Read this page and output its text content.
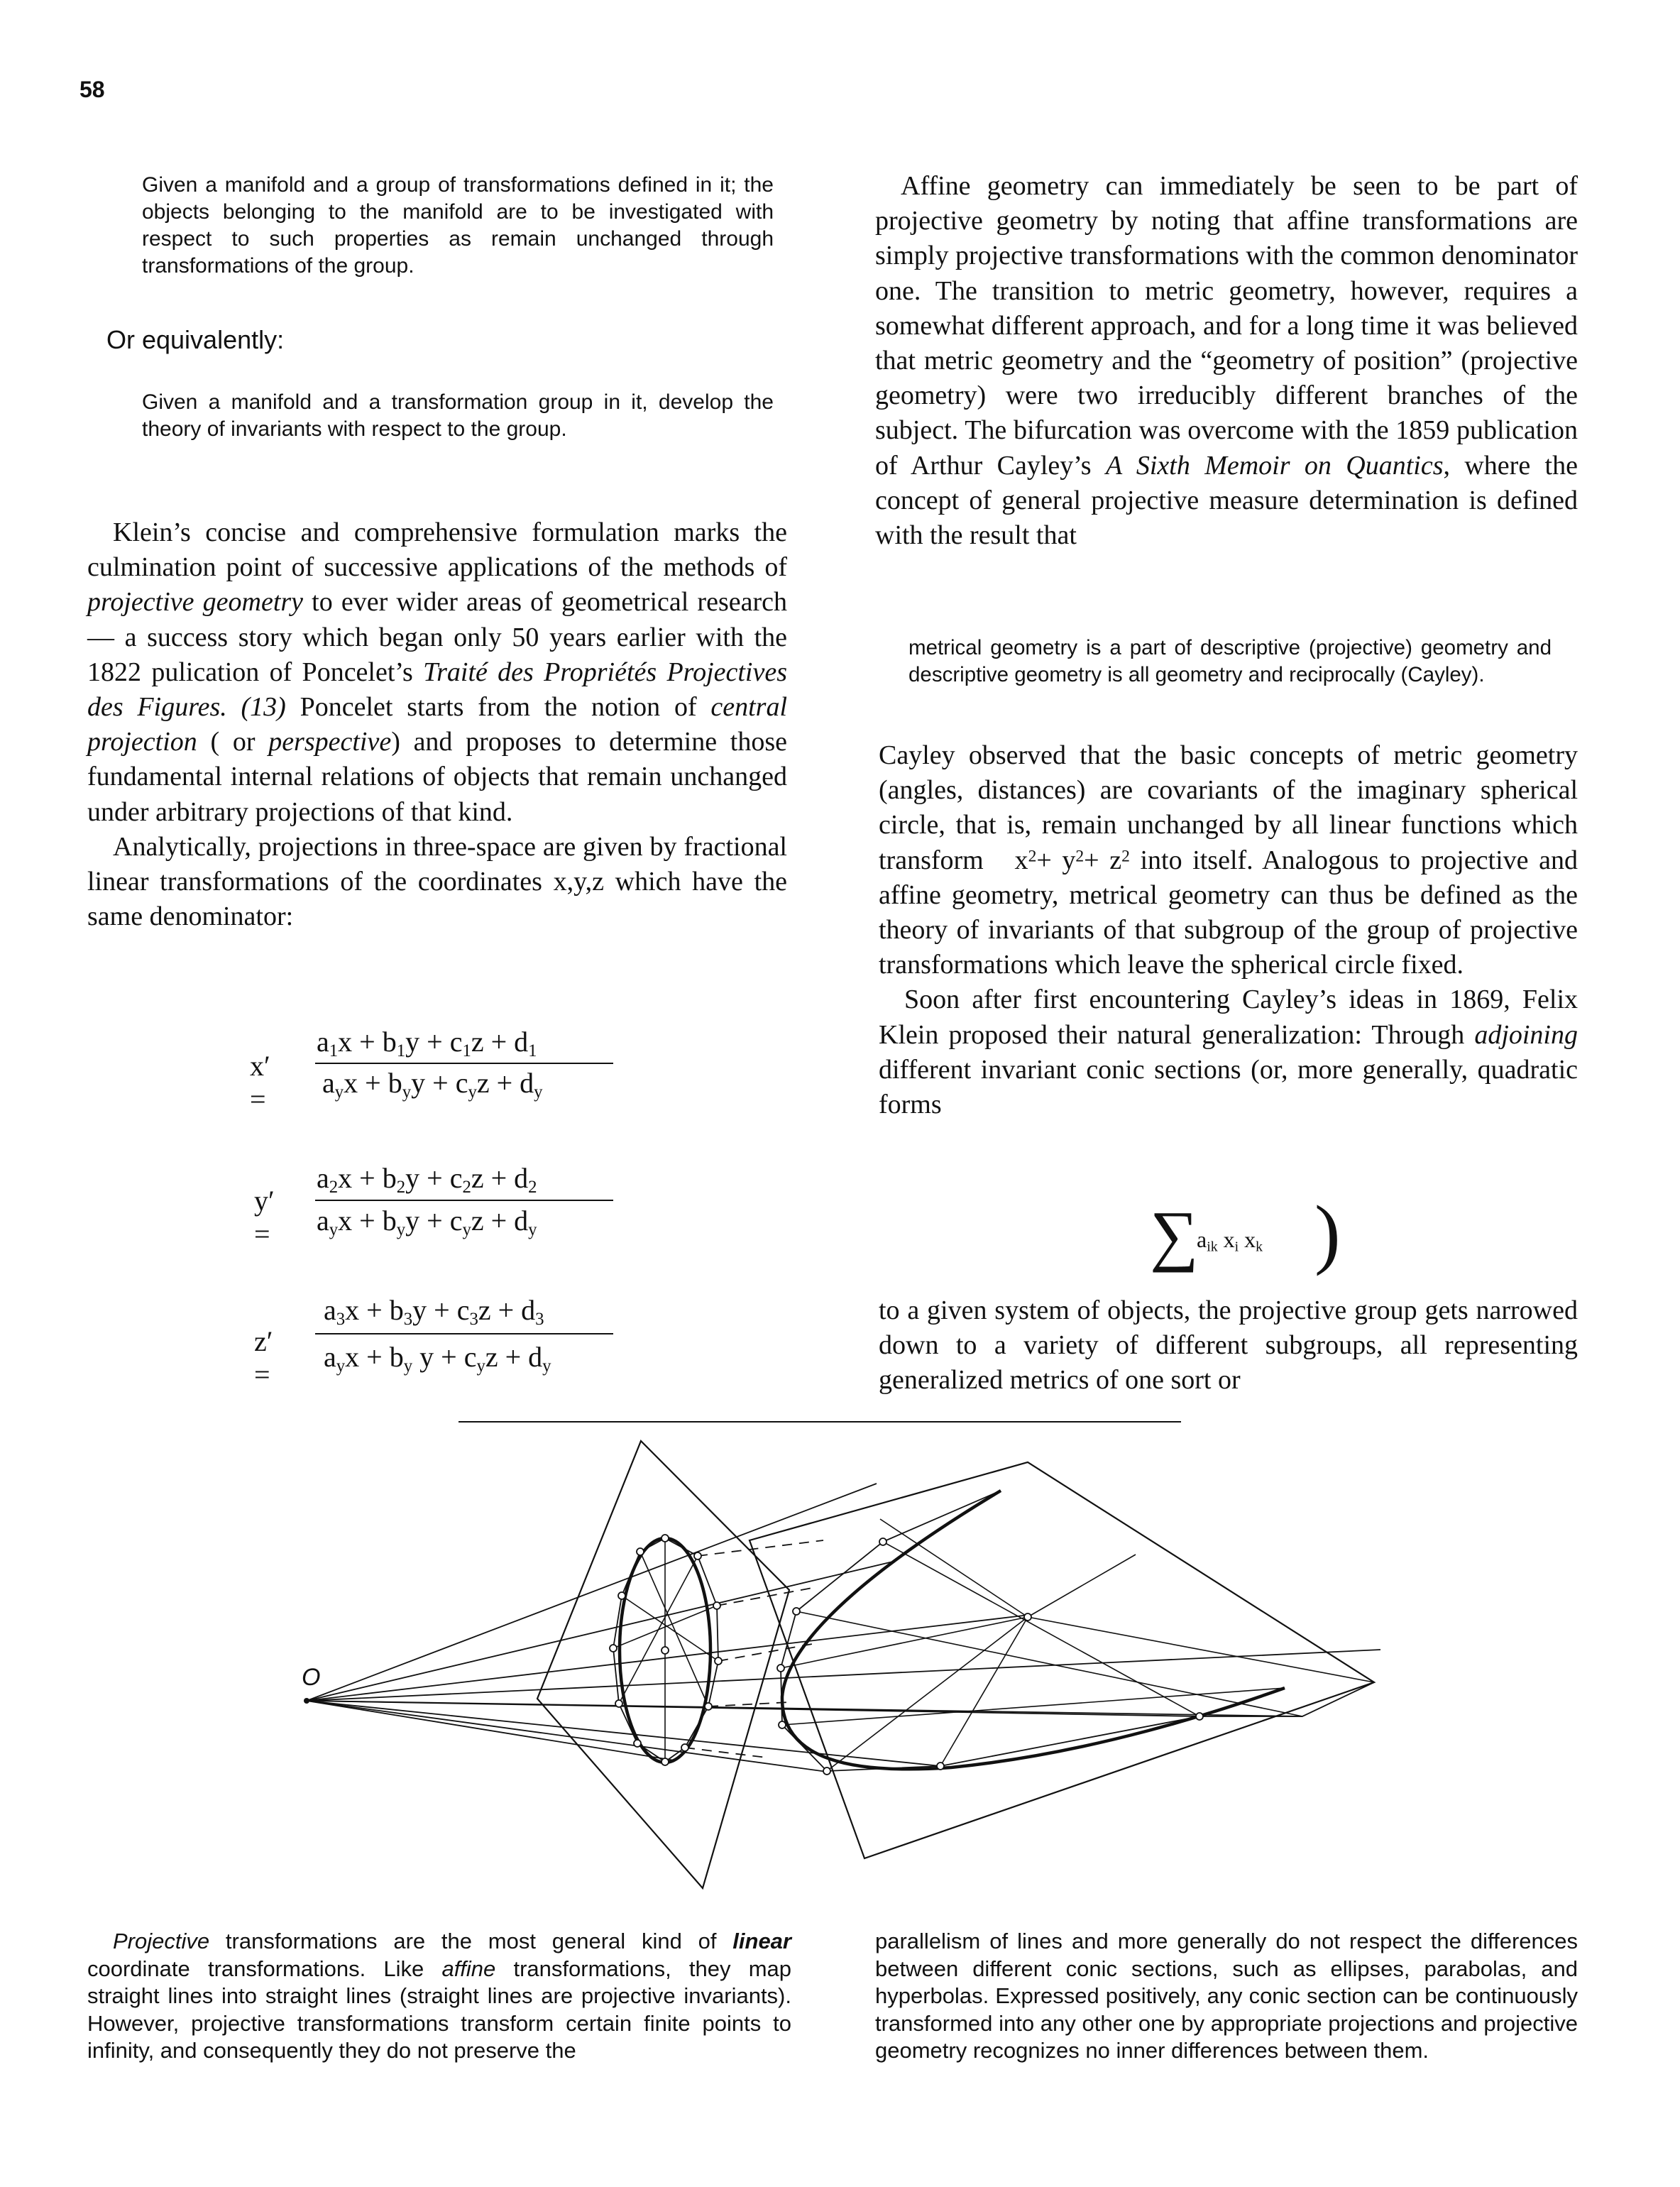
58

Given a manifold and a group of transformations defined in it; the objects belonging to the manifold are to be investigated with respect to such properties as remain unchanged through transformations of the group.

Or equivalently:

Given a manifold and a transformation group in it, develop the theory of invariants with respect to the group.

Klein’s concise and comprehensive formulation marks the culmination point of successive applications of the methods of projective geometry to ever wider areas of geometrical research — a success story which began only 50 years earlier with the 1822 pulication of Poncelet’s Traité des Propriétés Projectives des Figures. (13) Poncelet starts from the notion of central projection ( or perspective) and proposes to determine those fundamental internal relations of objects that remain unchanged under arbitrary projections of that kind.

Analytically, projections in three-space are given by fractional linear transformations of the coordinates x,y,z which have the same denominator:

x′ =
$a_1x + b_1y + c_1z + d_1$
$a_yx + b_yy + c_yz + d_y$
y′ =
$a_2x + b_2y + c_2z + d_2$
$a_yx + b_yy + c_yz + d_y$
z′ =
$a_3x + b_3y + c_3z + d_3$
$a_yx + b_y$ $y + c_yz + d_y$

Affine geometry can immediately be seen to be part of projective geometry by noting that affine transformations are simply projective transformations with the common denominator one. The transition to metric geometry, however, requires a somewhat different approach, and for a long time it was believed that metric geometry and the “geometry of position” (projective geometry) were two irreducibly different branches of the subject. The bifurcation was overcome with the 1859 publication of Arthur Cayley’s A Sixth Memoir on Quantics, where the concept of general projective measure determination is defined with the result that

metrical geometry is a part of descriptive (projective) geometry and descriptive geometry is all geometry and reciprocally (Cayley).

Cayley observed that the basic concepts of metric geometry (angles, distances) are covariants of the imaginary spherical circle, that is, remain unchanged by all linear functions which transform   $x^2+ y^2+ z^2$ into itself. Analogous to projective and affine geometry, metrical geometry can thus be defined as the theory of invariants of that subgroup of the group of projective transformations which leave the spherical circle fixed.

Soon after first encountering Cayley’s ideas in 1869, Felix Klein proposed their natural generalization: Through adjoining different invariant conic sections (or, more generally, quadratic forms

∑
$a_{ik}$ $x_i$ $x_k$ )

to a given system of objects, the projective group gets narrowed down to a variety of different subgroups, all representing generalized metrics of one sort or

O

Projective transformations are the most general kind of linear coordinate transformations. Like affine transformations, they map straight lines into straight lines (straight lines are projective invariants). However, projective transformations transform certain finite points to infinity, and consequently they do not preserve the

parallelism of lines and more generally do not respect the differences between different conic sections, such as ellipses, parabolas, and hyperbolas. Expressed positively, any conic section can be continuously transformed into any other one by appropriate projections and projective geometry recognizes no inner differences between them.
